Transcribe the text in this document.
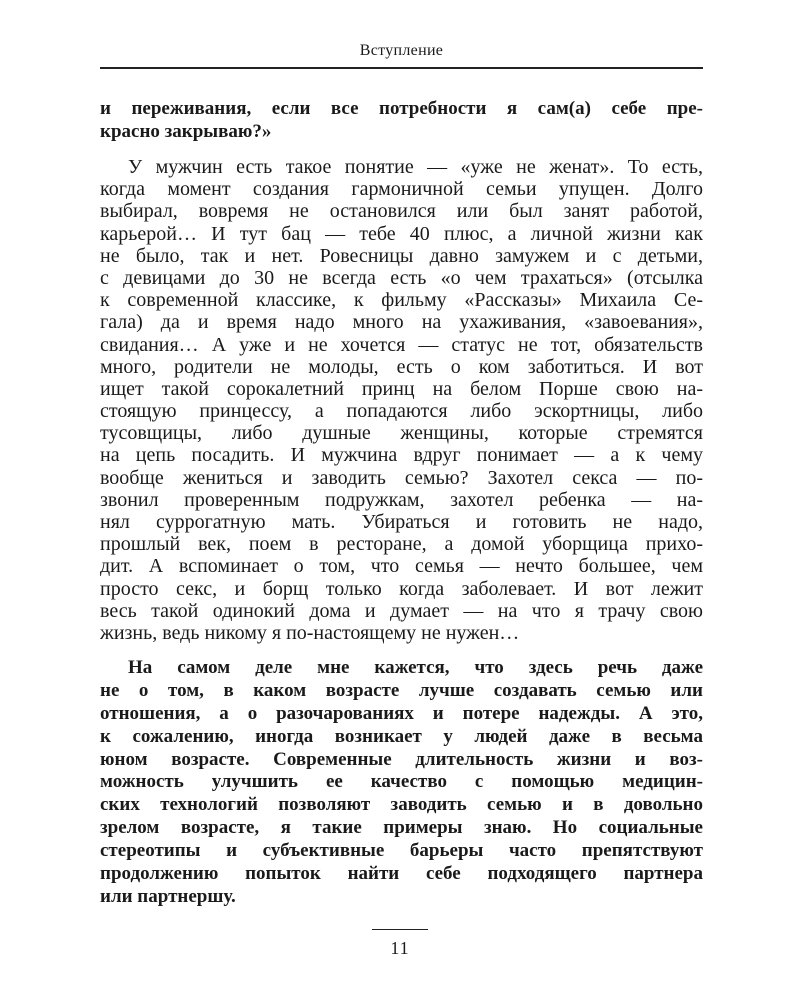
Вступление
и переживания, если все потребности я сам(а) себе пре-
красно закрываю?»
У мужчин есть такое понятие — «уже не женат». То есть,
когда момент создания гармоничной семьи упущен. Долго
выбирал, вовремя не остановился или был занят работой,
карьерой… И тут бац — тебе 40 плюс, а личной жизни как
не было, так и нет. Ровесницы давно замужем и с детьми,
с девицами до 30 не всегда есть «о чем трахаться» (отсылка
к современной классике, к фильму «Рассказы» Михаила Се-
гала) да и время надо много на ухаживания, «завоевания»,
свидания… А уже и не хочется — статус не тот, обязательств
много, родители не молоды, есть о ком заботиться. И вот
ищет такой сорокалетний принц на белом Порше свою на-
стоящую принцессу, а попадаются либо эскортницы, либо
тусовщицы, либо душные женщины, которые стремятся
на цепь посадить. И мужчина вдруг понимает — а к чему
вообще жениться и заводить семью? Захотел секса — по-
звонил проверенным подружкам, захотел ребенка — на-
нял суррогатную мать. Убираться и готовить не надо,
прошлый век, поем в ресторане, а домой уборщица прихо-
дит. А вспоминает о том, что семья — нечто большее, чем
просто секс, и борщ только когда заболевает. И вот лежит
весь такой одинокий дома и думает — на что я трачу свою
жизнь, ведь никому я по-настоящему не нужен…
На самом деле мне кажется, что здесь речь даже
не о том, в каком возрасте лучше создавать семью или
отношения, а о разочарованиях и потере надежды. А это,
к сожалению, иногда возникает у людей даже в весьма
юном возрасте. Современные длительность жизни и воз-
можность улучшить ее качество с помощью медицин-
ских технологий позволяют заводить семью и в довольно
зрелом возрасте, я такие примеры знаю. Но социальные
стереотипы и субъективные барьеры часто препятствуют
продолжению попыток найти себе подходящего партнера
или партнершу.
11
